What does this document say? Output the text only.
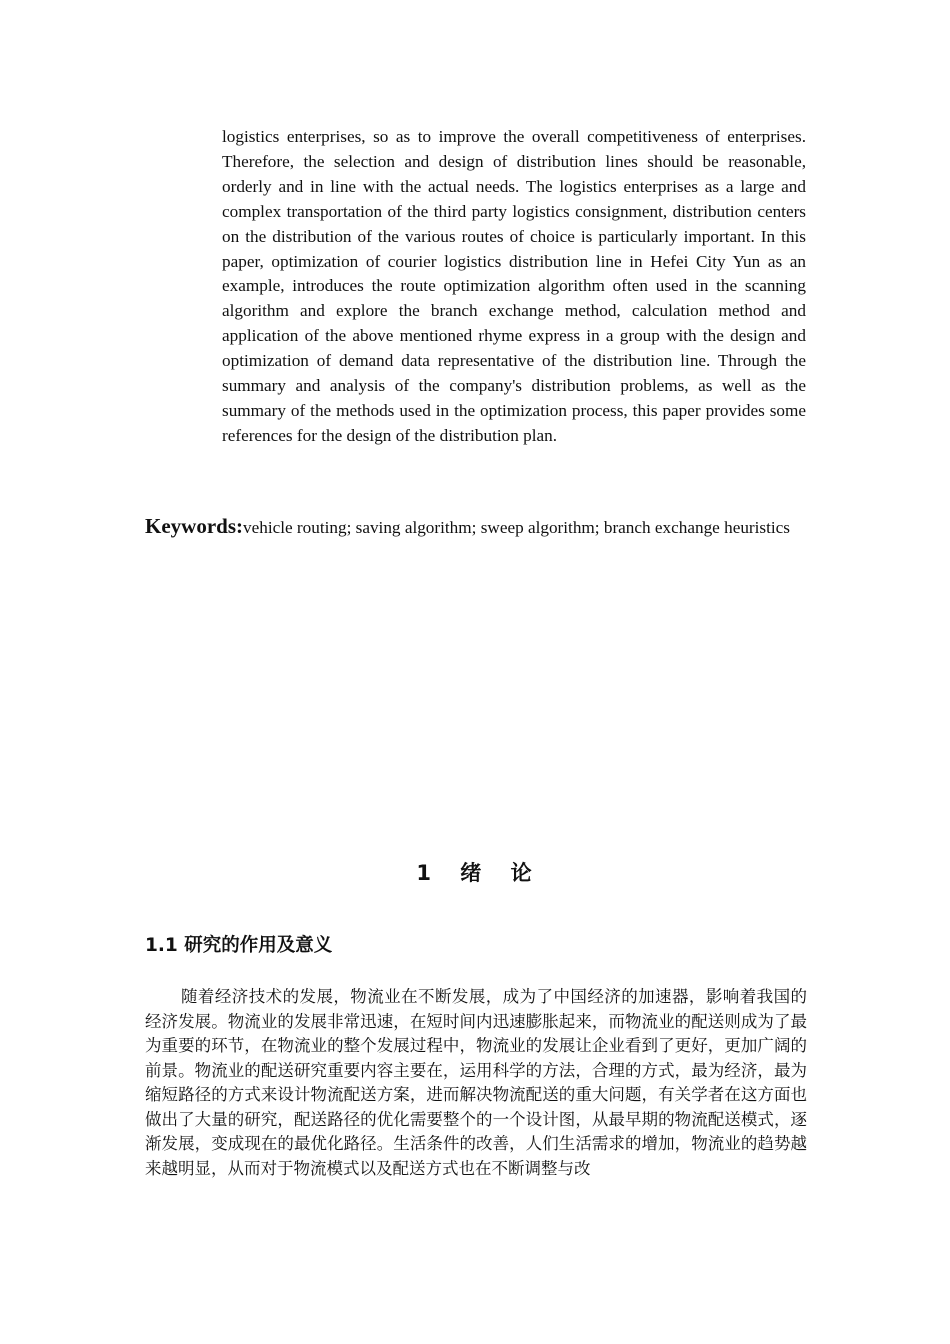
logistics enterprises, so as to improve the overall competitiveness of enterprises. Therefore, the selection and design of distribution lines should be reasonable, orderly and in line with the actual needs. The logistics enterprises as a large and complex transportation of the third party logistics consignment, distribution centers on the distribution of the various routes of choice is particularly important. In this paper, optimization of courier logistics distribution line in Hefei City Yun as an example, introduces the route optimization algorithm often used in the scanning algorithm and explore the branch exchange method, calculation method and application of the above mentioned rhyme express in a group with the design and optimization of demand data representative of the distribution line. Through the summary and analysis of the company's distribution problems, as well as the summary of the methods used in the optimization process, this paper provides some references for the design of the distribution plan.

Keywords:vehicle routing; saving algorithm; sweep algorithm; branch exchange heuristics

1 绪 论
1.1 研究的作用及意义

随着经济技术的发展，物流业在不断发展，成为了中国经济的加速器，影响着我国的经济发展。物流业的发展非常迅速，在短时间内迅速膨胀起来，而物流业的配送则成为了最为重要的环节，在物流业的整个发展过程中，物流业的发展让企业看到了更好，更加广阔的前景。物流业的配送研究重要内容主要在，运用科学的方法，合理的方式，最为经济，最为缩短路径的方式来设计物流配送方案，进而解决物流配送的重大问题，有关学者在这方面也做出了大量的研究，配送路径的优化需要整个的一个设计图，从最早期的物流配送模式，逐渐发展，变成现在的最优化路径。生活条件的改善，人们生活需求的增加，物流业的趋势越来越明显，从而对于物流模式以及配送方式也在不断调整与改
